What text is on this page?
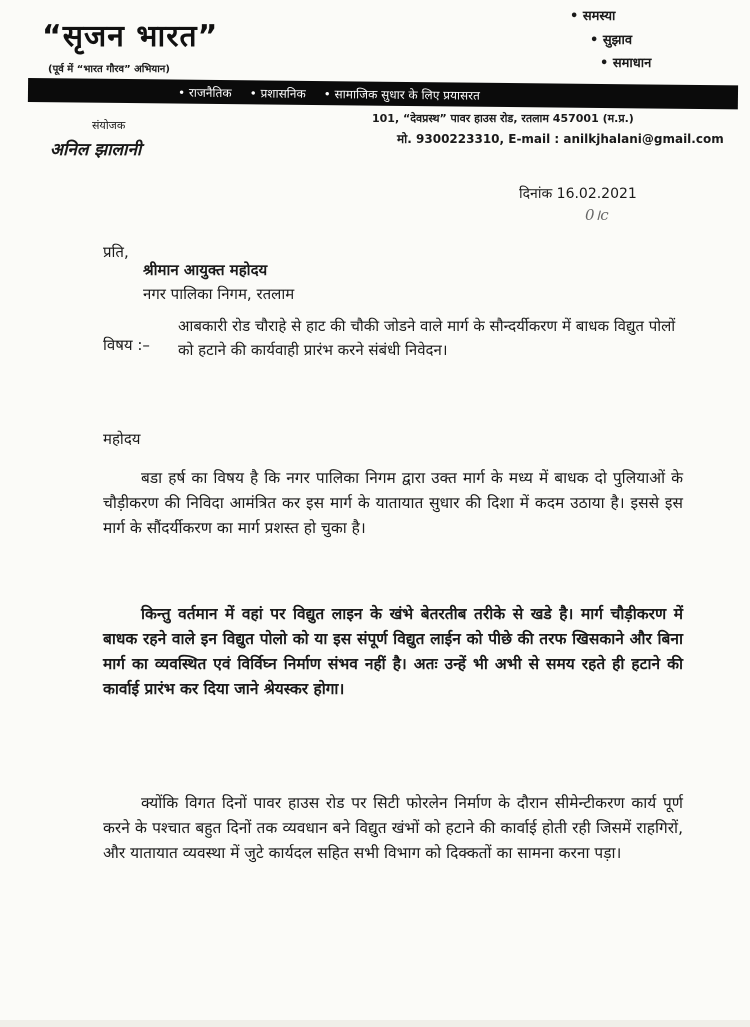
“सृजन भारत”
(पूर्व में “भारत गौरव” अभियान)
• समस्या
• सुझाव
• समाधान
• राजनैतिक • प्रशासनिक • सामाजिक सुधार के लिए प्रयासरत
संयोजक
अनिल झालानी
101, “देवप्रस्थ” पावर हाउस रोड, रतलाम 457001 (म.प्र.)
मो. 9300223310, E-mail : anilkjhalani@gmail.com
दिनांक 16.02.2021
0।c
प्रति,
श्रीमान आयुक्त महोदय
नगर पालिका निगम, रतलाम
विषय :–
आबकारी रोड चौराहे से हाट की चौकी जोडने वाले मार्ग के सौन्दर्यीकरण में बाधक विद्युत पोलों को हटाने की कार्यवाही प्रारंभ करने संबंधी निवेदन।
महोदय
बडा हर्ष का विषय है कि नगर पालिका निगम द्वारा उक्त मार्ग के मध्य में बाधक दो पुलियाओं के चौड़ीकरण की निविदा आमंत्रित कर इस मार्ग के यातायात सुधार की दिशा में कदम उठाया है। इससे इस मार्ग के सौंदर्यीकरण का मार्ग प्रशस्त हो चुका है।
किन्तु वर्तमान में वहां पर विद्युत लाइन के खंभे बेतरतीब तरीके से खडे है। मार्ग चौड़ीकरण में बाधक रहने वाले इन विद्युत पोलो को या इस संपूर्ण विद्युत लाईन को पीछे की तरफ खिसकाने और बिना मार्ग का व्यवस्थित एवं विर्विघ्न निर्माण संभव नहीं है। अतः उन्हें भी अभी से समय रहते ही हटाने की कार्वाई प्रारंभ कर दिया जाने श्रेयस्कर होगा।
क्योंकि विगत दिनों पावर हाउस रोड पर सिटी फोरलेन निर्माण के दौरान सीमेन्टीकरण कार्य पूर्ण करने के पश्चात बहुत दिनों तक व्यवधान बने विद्युत खंभों को हटाने की कार्वाई होती रही जिसमें राहगिरों, और यातायात व्यवस्था में जुटे कार्यदल सहित सभी विभाग को दिक्कतों का सामना करना पड़ा।
